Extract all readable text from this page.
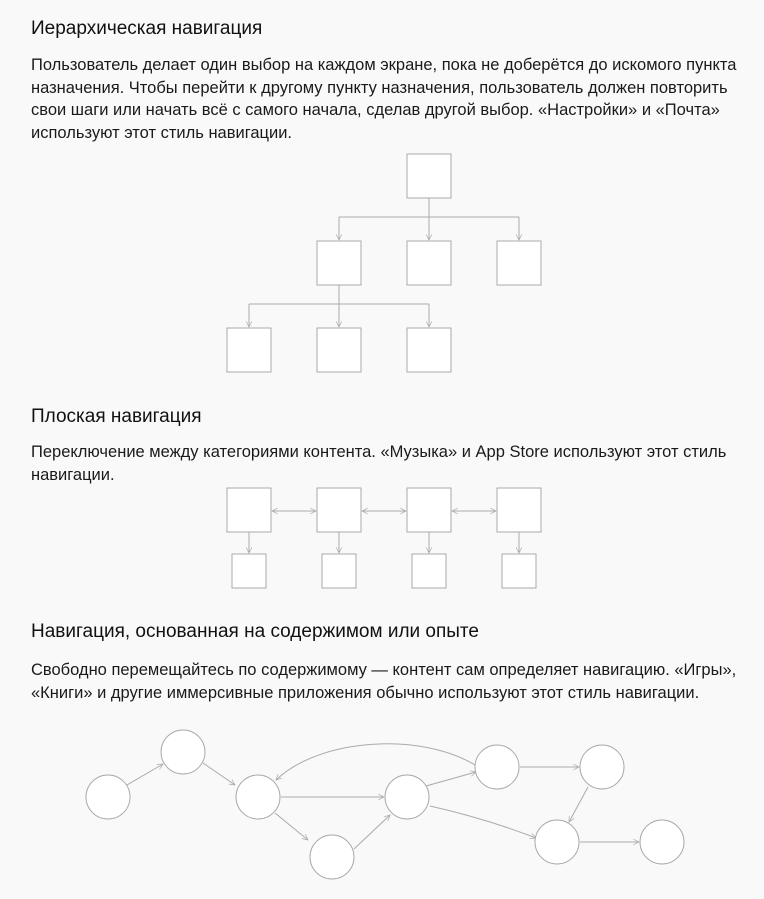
Иерархическая навигация

Пользователь делает один выбор на каждом экране, пока не доберётся до искомого пункта назначения. Чтобы перейти к другому пункту назначения, пользователь должен повторить свои шаги или начать всё с самого начала, сделав другой выбор. «Настройки» и «Почта» используют этот стиль навигации.

Плоская навигация

Переключение между категориями контента. «Музыка» и App Store используют этот стиль навигации.

Навигация, основанная на содержимом или опыте

Свободно перемещайтесь по содержимому — контент сам определяет навигацию. «Игры», «Книги» и другие иммерсивные приложения обычно используют этот стиль навигации.
